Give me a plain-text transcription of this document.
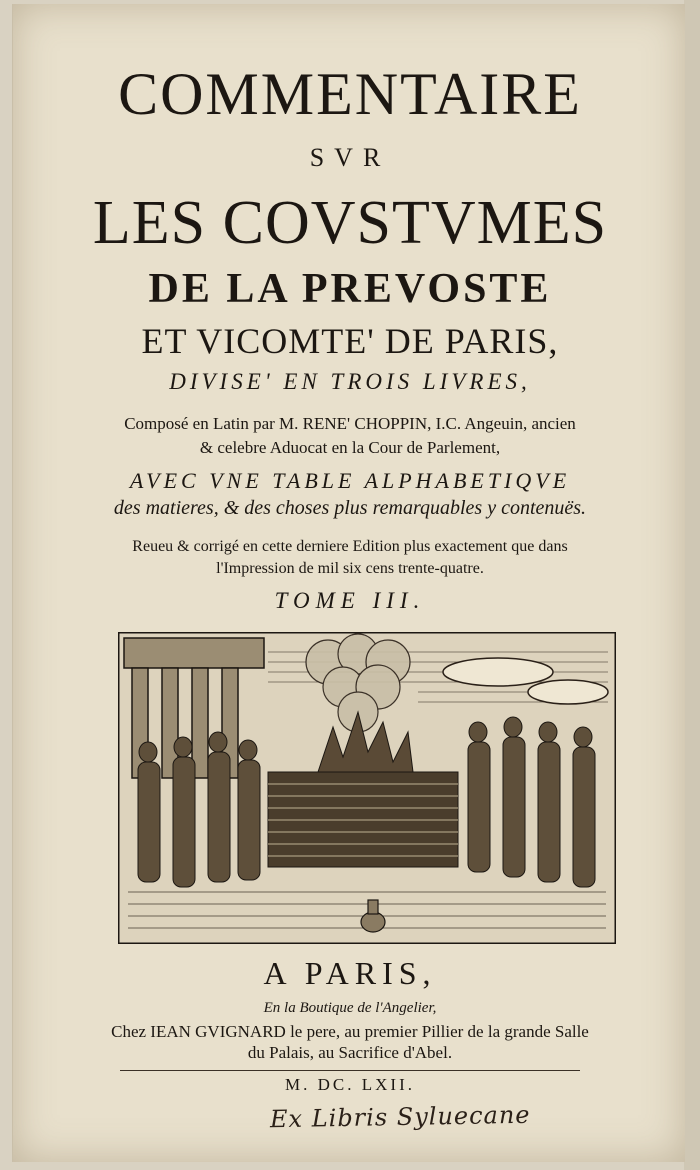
COMMENTAIRE
SVR
LES COVSTVMES
DE LA PREVOSTE
ET VICOMTE' DE PARIS,
DIVISE' EN TROIS LIVRES,
Composé en Latin par M. RENE' CHOPPIN, I.C. Angeuin, ancien
& celebre Aduocat en la Cour de Parlement,
AVEC VNE TABLE ALPHABETIQVE
des matieres, & des choses plus remarquables y contenuës.
Reueu & corrigé en cette derniere Edition plus exactement que dans
l'Impression de mil six cens trente-quatre.
TOME III.
A PARIS,
En la Boutique de l'Angelier,
Chez IEAN GVIGNARD le pere, au premier Pillier de la grande Salle
du Palais, au Sacrifice d'Abel.
M. DC. LXII.
Ex Libris Syluecane
